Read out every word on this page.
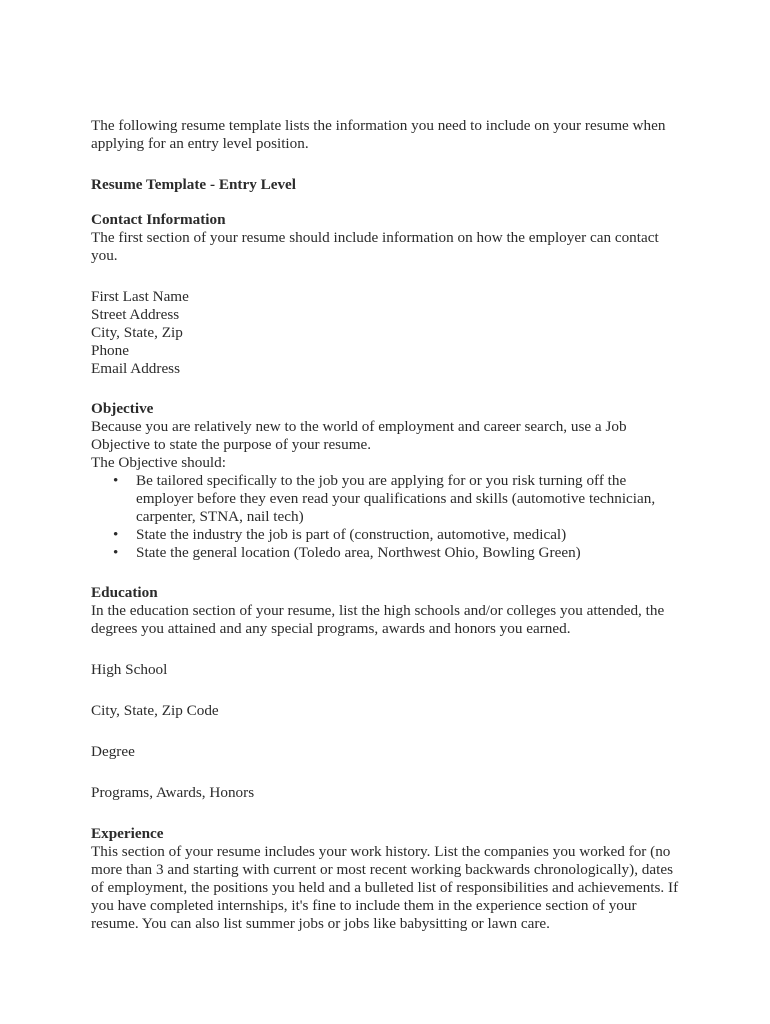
The following resume template lists the information you need to include on your resume when applying for an entry level position.

Resume Template - Entry Level

Contact Information

The first section of your resume should include information on how the employer can contact you.

First Last Name

Street Address

City, State, Zip

Phone

Email Address

Objective

Because you are relatively new to the world of employment and career search, use a Job Objective to state the purpose of your resume.

The Objective should:

• Be tailored specifically to the job you are applying for or you risk turning off the employer before they even read your qualifications and skills (automotive technician, carpenter, STNA, nail tech)
• State the industry the job is part of (construction, automotive, medical)
• State the general location (Toledo area, Northwest Ohio, Bowling Green)

Education

In the education section of your resume, list the high schools and/or colleges you attended, the degrees you attained and any special programs, awards and honors you earned.

High School

City, State, Zip Code

Degree

Programs, Awards, Honors

Experience

This section of your resume includes your work history. List the companies you worked for (no more than 3 and starting with current or most recent working backwards chronologically), dates of employment, the positions you held and a bulleted list of responsibilities and achievements. If you have completed internships, it's fine to include them in the experience section of your resume. You can also list summer jobs or jobs like babysitting or lawn care.
